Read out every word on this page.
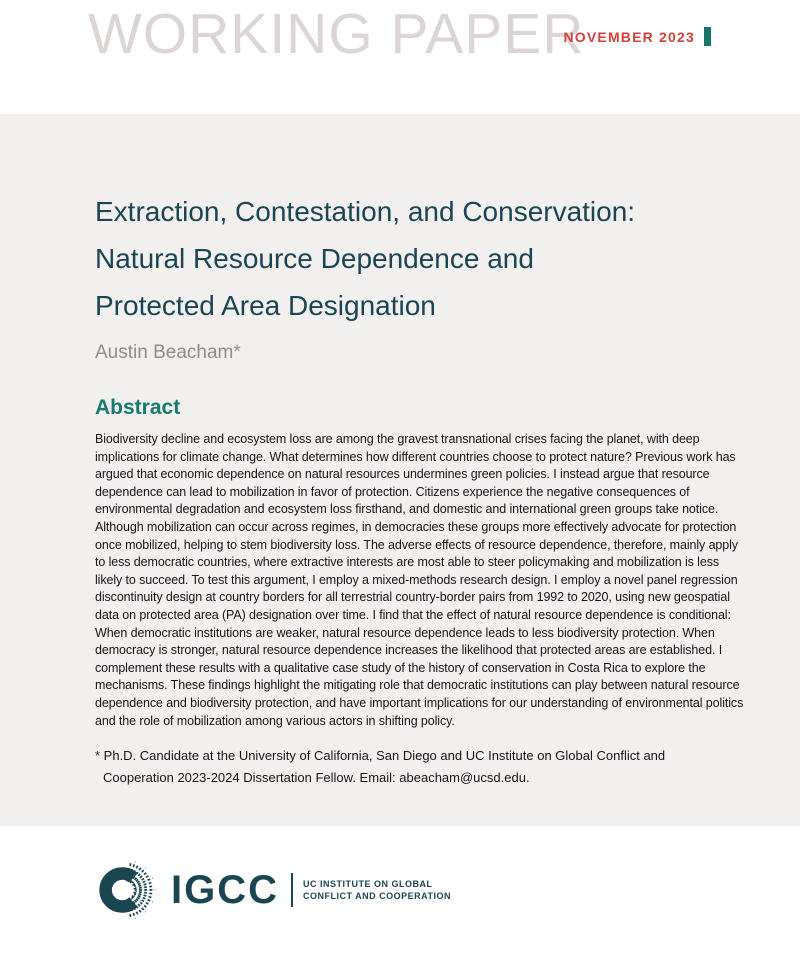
WORKING PAPER
NOVEMBER 2023
Extraction, Contestation, and Conservation:
Natural Resource Dependence and
Protected Area Designation
Austin Beacham*
Abstract

Biodiversity decline and ecosystem loss are among the gravest transnational crises facing the planet, with deep implications for climate change. What determines how different countries choose to protect nature? Previous work has argued that economic dependence on natural resources undermines green policies. I instead argue that resource dependence can lead to mobilization in favor of protection. Citizens experience the negative consequences of environmental degradation and ecosystem loss firsthand, and domestic and international green groups take notice. Although mobilization can occur across regimes, in democracies these groups more effectively advocate for protection once mobilized, helping to stem biodiversity loss. The adverse effects of resource dependence, therefore, mainly apply to less democratic countries, where extractive interests are most able to steer policymaking and mobilization is less likely to succeed. To test this argument, I employ a mixed-methods research design. I employ a novel panel regression discontinuity design at country borders for all terrestrial country-border pairs from 1992 to 2020, using new geospatial data on protected area (PA) designation over time. I find that the effect of natural resource dependence is conditional: When democratic institutions are weaker, natural resource dependence leads to less biodiversity protection. When democracy is stronger, natural resource dependence increases the likelihood that protected areas are established. I complement these results with a qualitative case study of the history of conservation in Costa Rica to explore the mechanisms. These findings highlight the mitigating role that democratic institutions can play between natural resource dependence and biodiversity protection, and have important implications for our understanding of environmental politics and the role of mobilization among various actors in shifting policy.

* Ph.D. Candidate at the University of California, San Diego and UC Institute on Global Conflict and
Cooperation 2023-2024 Dissertation Fellow. Email: abeacham@ucsd.edu.
IGCC	UC INSTITUTE ON GLOBAL
CONFLICT AND COOPERATION
